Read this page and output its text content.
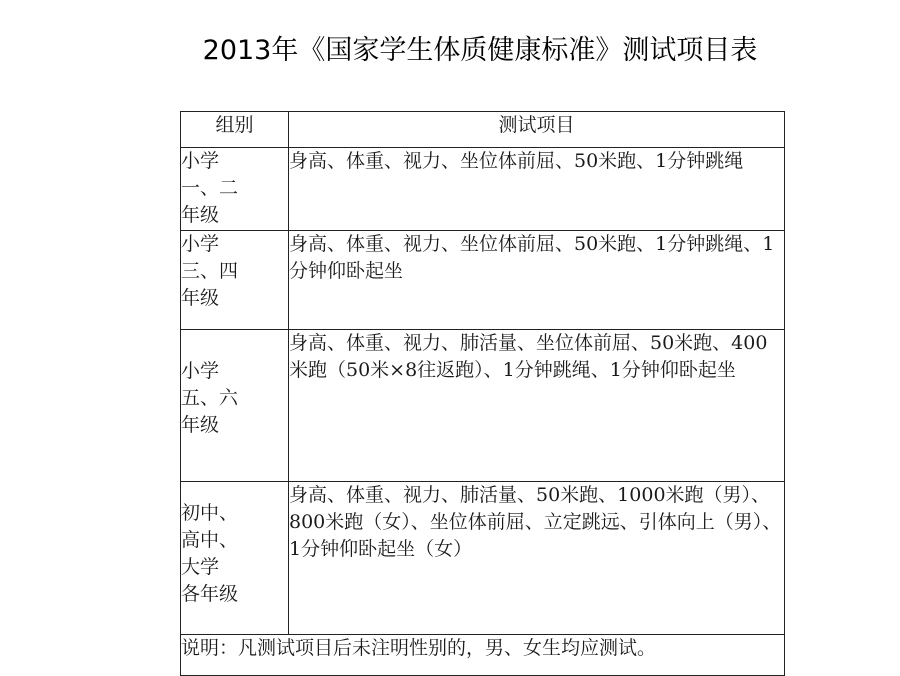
2013年《国家学生体质健康标准》测试项目表
组别	测试项目

小学
一、二
年级	身高、体重、视力、坐位体前屈、50米跑、1分钟跳绳

小学
三、四
年级	身高、体重、视力、坐位体前屈、50米跑、1分钟跳绳、1分钟仰卧起坐

小学
五、六
年级	身高、体重、视力、肺活量、坐位体前屈、50米跑、400米跑（50米×8往返跑）、1分钟跳绳、1分钟仰卧起坐

初中、
高中、
大学
各年级	身高、体重、视力、肺活量、50米跑、1000米跑（男）、800米跑（女）、坐位体前屈、立定跳远、引体向上（男）、1分钟仰卧起坐（女）
说明：凡测试项目后未注明性别的，男、女生均应测试。	
